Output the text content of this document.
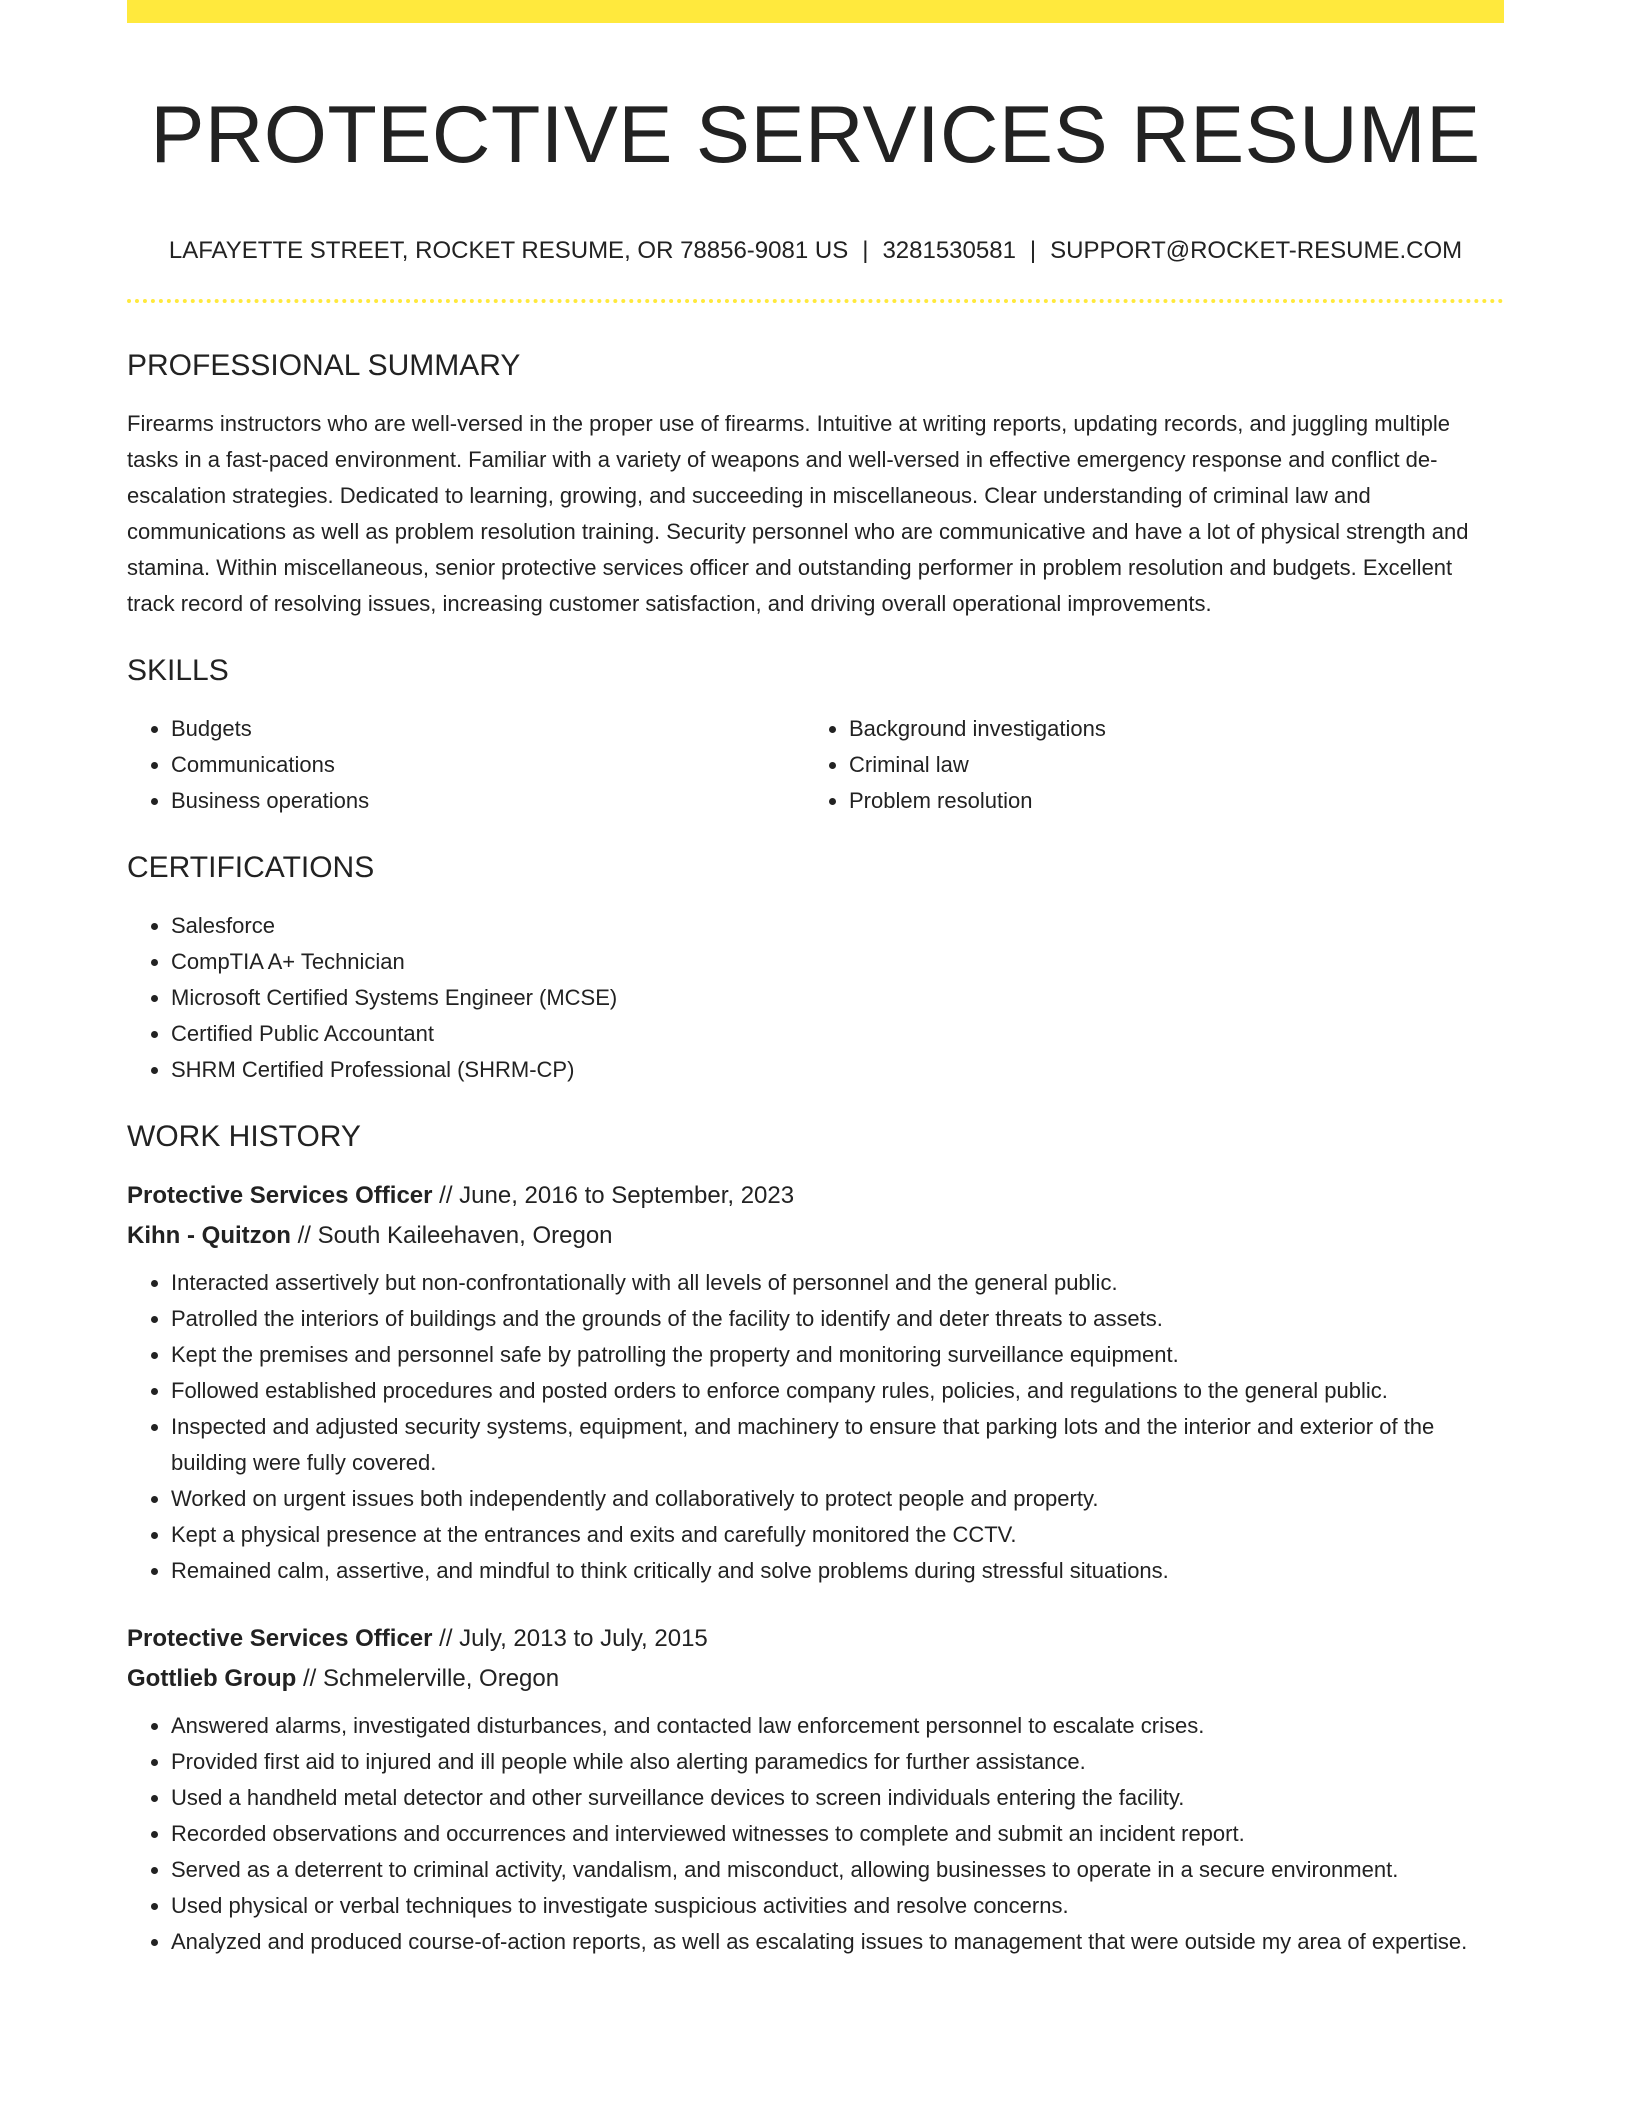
PROTECTIVE SERVICES RESUME
LAFAYETTE STREET, ROCKET RESUME, OR 78856-9081 US | 3281530581 | SUPPORT@ROCKET-RESUME.COM
PROFESSIONAL SUMMARY

Firearms instructors who are well-versed in the proper use of firearms. Intuitive at writing reports, updating records, and juggling multiple tasks in a fast-paced environment. Familiar with a variety of weapons and well-versed in effective emergency response and conflict de-escalation strategies. Dedicated to learning, growing, and succeeding in miscellaneous. Clear understanding of criminal law and communications as well as problem resolution training. Security personnel who are communicative and have a lot of physical strength and stamina. Within miscellaneous, senior protective services officer and outstanding performer in problem resolution and budgets. Excellent track record of resolving issues, increasing customer satisfaction, and driving overall operational improvements.

SKILLS
• Budgets
• Communications
• Business operations
• Background investigations
• Criminal law
• Problem resolution
CERTIFICATIONS
• Salesforce
• CompTIA A+ Technician
• Microsoft Certified Systems Engineer (MCSE)
• Certified Public Accountant
• SHRM Certified Professional (SHRM-CP)
WORK HISTORY
Protective Services Officer // June, 2016 to September, 2023
Kihn - Quitzon // South Kaileehaven, Oregon
• Interacted assertively but non-confrontationally with all levels of personnel and the general public.
• Patrolled the interiors of buildings and the grounds of the facility to identify and deter threats to assets.
• Kept the premises and personnel safe by patrolling the property and monitoring surveillance equipment.
• Followed established procedures and posted orders to enforce company rules, policies, and regulations to the general public.
• Inspected and adjusted security systems, equipment, and machinery to ensure that parking lots and the interior and exterior of the building were fully covered.
• Worked on urgent issues both independently and collaboratively to protect people and property.
• Kept a physical presence at the entrances and exits and carefully monitored the CCTV.
• Remained calm, assertive, and mindful to think critically and solve problems during stressful situations.
Protective Services Officer // July, 2013 to July, 2015
Gottlieb Group // Schmelerville, Oregon
• Answered alarms, investigated disturbances, and contacted law enforcement personnel to escalate crises.
• Provided first aid to injured and ill people while also alerting paramedics for further assistance.
• Used a handheld metal detector and other surveillance devices to screen individuals entering the facility.
• Recorded observations and occurrences and interviewed witnesses to complete and submit an incident report.
• Served as a deterrent to criminal activity, vandalism, and misconduct, allowing businesses to operate in a secure environment.
• Used physical or verbal techniques to investigate suspicious activities and resolve concerns.
• Analyzed and produced course-of-action reports, as well as escalating issues to management that were outside my area of expertise.
